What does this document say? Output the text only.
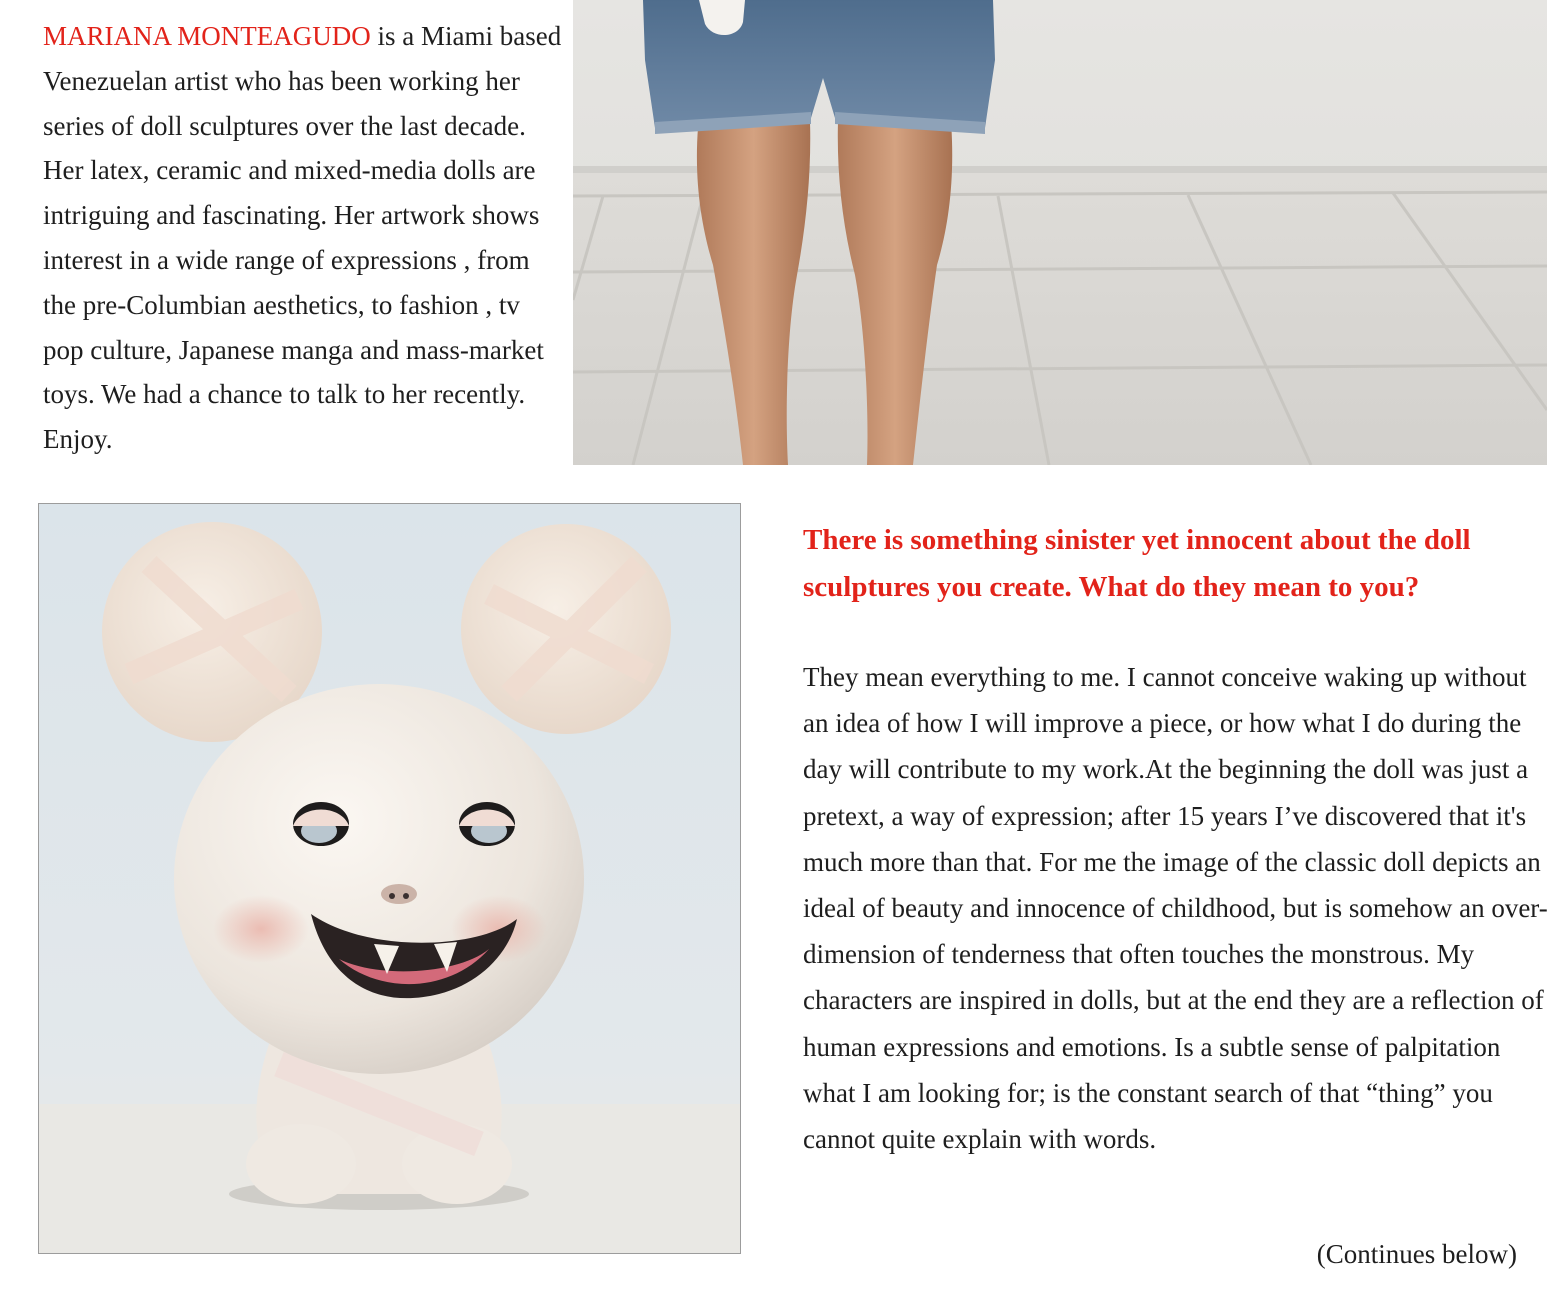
MARIANA MONTEAGUDO is a Miami based Venezuelan artist who has been working her series of doll sculptures over the last decade. Her latex, ceramic and mixed-media dolls are intriguing and fascinating. Her artwork shows interest in a wide range of expressions , from the pre-Columbian aesthetics, to fashion , tv pop culture, Japanese manga and mass-market toys. We had a chance to talk to her recently. Enjoy.

There is something sinister yet innocent about the doll sculptures you create. What do they mean to you?

They mean everything to me. I cannot conceive waking up without an idea of how I will improve a piece, or how what I do during the day will contribute to my work.At the beginning the doll was just a pretext, a way of expression; after 15 years I’ve discovered that it's much more than that. For me the image of the classic doll depicts an ideal of beauty and innocence of childhood, but is somehow an over-dimension of tenderness that often touches the monstrous. My characters are inspired in dolls, but at the end they are a reflection of human expressions and emotions. Is a subtle sense of palpitation what I am looking for; is the constant search of that “thing” you cannot quite explain with words.

(Continues below)
